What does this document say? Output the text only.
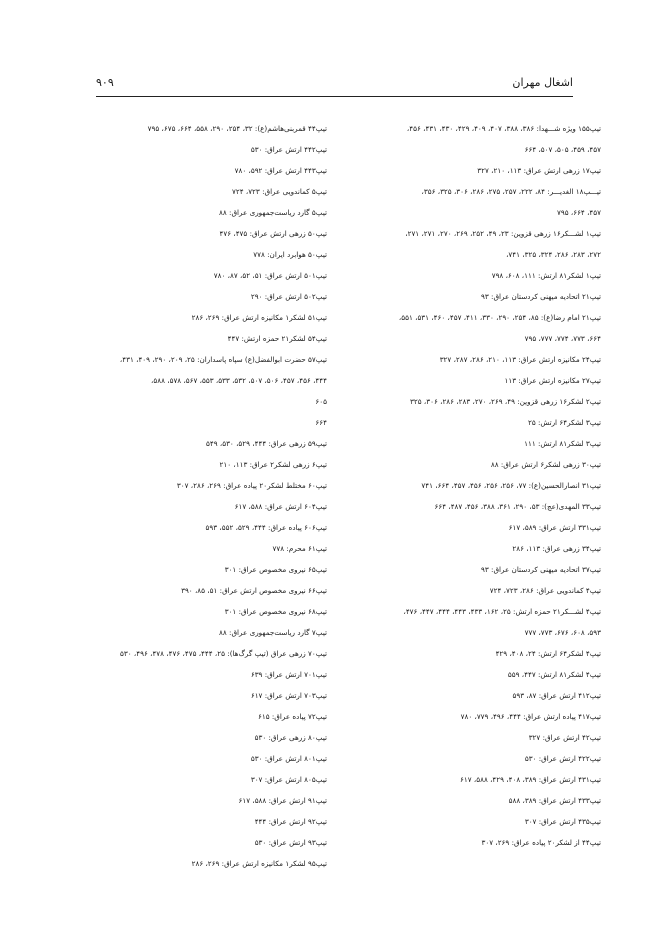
اشغال مهران
۹۰۹

تیپ۱۵۵ ویژه شـــهدا: ۳۸۶، ۳۸۸، ۴۰۷، ۴۰۹، ۴۲۹، ۴۳۰، ۴۳۱، ۴۵۶،

۴۵۷، ۴۵۹، ۵۰۵، ۵۰۷، ۶۶۴

تیپ۱۷ زرهی ارتش عراق: ۱۱۳، ۲۱۰، ۳۲۷

تیـــپ۱۸ الغدیـــر: ۸۴، ۲۲۲، ۲۵۷، ۲۷۵، ۲۸۶، ۳۰۶، ۳۲۵، ۳۵۶،

۴۵۷، ۶۶۴، ۷۹۵

تیپ۱ لشـــکر۱۶ زرهی قزوین: ۲۳، ۴۹، ۲۵۲، ۲۶۹، ۲۷۰، ۲۷۱، ۲۷۱،

۲۷۲، ۲۸۳، ۲۸۶، ۳۲۴، ۳۲۵، ۷۴۱،

تیپ۱ لشکر۸۱ ارتش: ۱۱۱، ۶۰۸، ۷۹۸

تیپ۲۱ اتحادیه میهنی کردستان عراق: ۹۳

تیپ۲۱ امام رضا(ع): ۸۵، ۲۵۴، ۲۹۰، ۳۳۰، ۴۱۱، ۴۵۷، ۴۶۰، ۵۳۱، ۵۵۱،

۶۶۴، ۷۷۳، ۷۷۴، ۷۷۷، ۷۹۵

تیپ۲۴ مکانیزه ارتش عراق: ۱۱۳، ۲۱۰، ۲۸۶، ۲۸۷، ۳۲۷

تیپ۲۷ مکانیزه ارتش عراق: ۱۱۳

تیپ۲ لشکر۱۶ زرهی قزوین: ۴۹، ۲۶۹، ۲۷۰، ۲۸۳، ۲۸۶، ۳۰۶، ۳۲۵

تیپ۳ لشکر۶۴ ارتش: ۲۵

تیپ۳ لشکر۸۱ ارتش: ۱۱۱

تیپ۳۰ زرهی لشکر۶ ارتش عراق: ۸۸

تیپ۳۱ انصارالحسین(ع): ۷۷، ۲۵۶، ۲۵۶، ۴۵۶، ۴۵۷، ۶۶۴، ۷۴۱

تیپ۳۳ المهدی(عج): ۵۳، ۲۹۰، ۳۶۱، ۳۸۸، ۴۵۶، ۴۸۷، ۶۶۴

تیپ۳۳۱ ارتش عراق: ۵۸۹، ۶۱۷

تیپ۳۴ زرهی عراق: ۱۱۳، ۲۸۶

تیپ۳۷ اتحادیه میهنی کردستان عراق: ۹۳

تیپ۴ کماندویی عراق: ۲۸۶، ۷۲۳، ۷۲۴

تیپ۴ لشـــکر۲۱ حمزه ارتش: ۲۵، ۱۶۲، ۴۳۳، ۴۴۳، ۴۴۴، ۴۴۷، ۴۷۶،

۵۹۳، ۶۰۸، ۶۷۶، ۷۷۳، ۷۷۷

تیپ۴ لشکر۶۴ ارتش: ۲۴، ۴۰۸، ۴۲۹

تیپ۴ لشکر۸۱ ارتش: ۴۴۷، ۵۵۹

تیپ۴۱۲ ارتش عراق: ۸۷، ۵۹۳

تیپ۴۱۷ پیاده ارتش عراق: ۴۴۴، ۴۹۶، ۷۷۹، ۷۸۰

تیپ۴۲ ارتش عراق: ۳۲۷

تیپ۴۲۲ ارتش عراق: ۵۳۰

تیپ۴۳۱ ارتش عراق: ۳۸۹، ۴۰۸، ۴۲۹، ۵۸۸، ۶۱۷

تیپ۴۳۳ ارتش عراق: ۳۸۹، ۵۸۸

تیپ۴۳۵ ارتش عراق: ۳۰۷

تیپ۴۴ از لشکر۲۰ پیاده عراق: ۲۶۹، ۳۰۷

تیپ۴۴ قمربنی‌هاشم(ع): ۳۲، ۲۵۴، ۲۹۰، ۵۵۸، ۶۶۴، ۶۷۵، ۷۹۵

تیپ۴۴۲ ارتش عراق: ۵۳۰

تیپ۴۴۳ ارتش عراق: ۵۹۲، ۷۸۰

تیپ۵ کماندویی عراق: ۷۲۳، ۷۲۴

تیپ۵ گارد ریاست‌جمهوری عراق: ۸۸

تیپ۵۰ زرهی ارتش عراق: ۴۷۵، ۴۷۶

تیپ۵۰ هوابرد ایران: ۷۷۸

تیپ۵۰۱ ارتش عراق: ۵۱، ۵۲، ۸۷، ۷۸۰

تیپ۵۰۲ ارتش عراق: ۲۹۰

تیپ۵۱ لشکر۱ مکانیزه ارتش عراق: ۲۶۹، ۲۸۶

تیپ۵۴ لشکر۲۱ حمزه ارتش: ۴۴۷

تیپ۵۷ حضرت ابوالفضل(ع) سپاه پاسداران: ۲۵، ۲۰۹، ۲۹۰، ۴۰۹، ۴۳۱،

۴۴۴، ۴۵۶، ۴۵۷، ۵۰۶، ۵۰۷، ۵۳۲، ۵۳۳، ۵۵۳، ۵۶۷، ۵۷۸، ۵۸۸،

۶۰۵

۶۶۴

تیپ۵۹ زرهی عراق: ۴۴۴، ۵۲۹، ۵۳۰، ۵۴۹

تیپ۶ زرهی لشکر۲ عراق: ۱۱۳، ۲۱۰

تیپ۶۰ مختلط لشکر۲۰ پیاده عراق: ۲۶۹، ۲۸۶، ۳۰۷

تیپ۶۰۴ ارتش عراق: ۵۸۸، ۶۱۷

تیپ۶۰۶ پیاده عراق: ۴۴۴، ۵۲۹، ۵۵۲، ۵۹۳

تیپ۶۱ محرم: ۷۷۸

تیپ۶۵ نیروی مخصوص عراق: ۳۰۱

تیپ۶۶ نیروی مخصوص ارتش عراق: ۵۱، ۸۵، ۳۹۰

تیپ۶۸ نیروی مخصوص عراق: ۳۰۱

تیپ۷ گارد ریاست‌جمهوری عراق: ۸۸

تیپ۷۰ زرهی عراق (تیپ گرگ‌ها): ۲۵، ۴۴۴، ۴۷۵، ۴۷۶، ۴۷۸، ۴۹۶، ۵۳۰

تیپ۷۰۱ ارتش عراق: ۶۳۹

تیپ۷۰۳ ارتش عراق: ۶۱۷

تیپ۷۲ پیاده عراق: ۶۱۵

تیپ۸۰ زرهی عراق: ۵۳۰

تیپ۸۰۱ ارتش عراق: ۵۳۰

تیپ۸۰۵ ارتش عراق: ۳۰۷

تیپ۹۱ ارتش عراق: ۵۸۸، ۶۱۷

تیپ۹۲ ارتش عراق: ۴۴۴

تیپ۹۳ ارتش عراق: ۵۳۰

تیپ۹۵ لشکر۱ مکانیزه ارتش عراق: ۲۶۹، ۲۸۶
